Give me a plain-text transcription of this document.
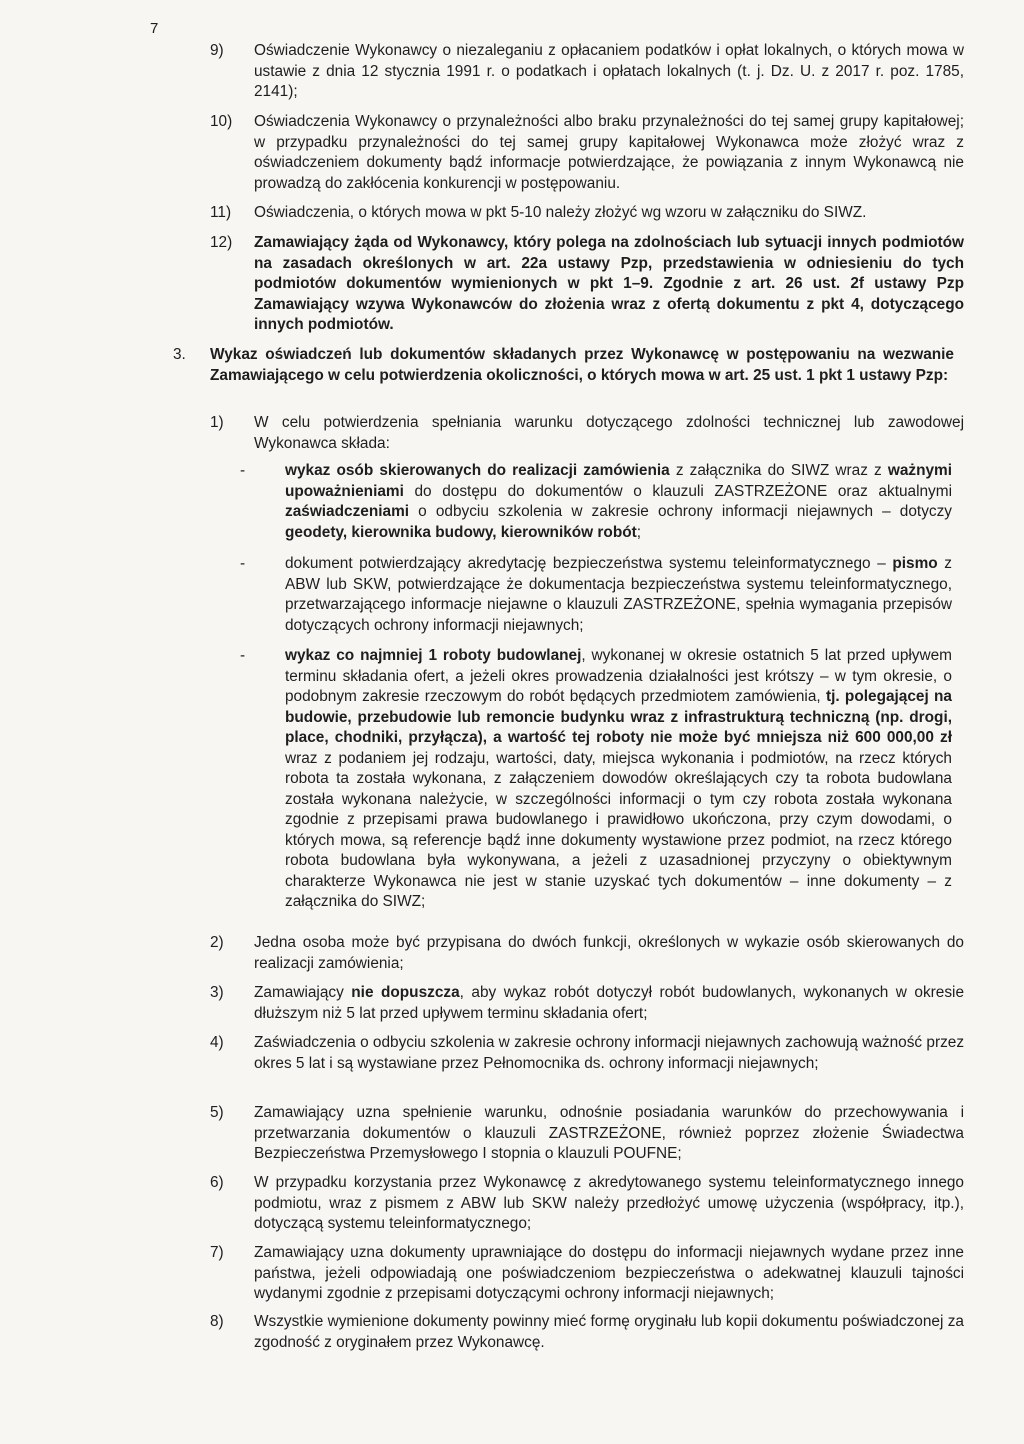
7
9) Oświadczenie Wykonawcy o niezaleganiu z opłacaniem podatków i opłat lokalnych, o których mowa w ustawie z dnia 12 stycznia 1991 r. o podatkach i opłatach lokalnych (t. j. Dz. U. z 2017 r. poz. 1785, 2141);
10) Oświadczenia Wykonawcy o przynależności albo braku przynależności do tej samej grupy kapitałowej; w przypadku przynależności do tej samej grupy kapitałowej Wykonawca może złożyć wraz z oświadczeniem dokumenty bądź informacje potwierdzające, że powiązania z innym Wykonawcą nie prowadzą do zakłócenia konkurencji w postępowaniu.
11) Oświadczenia, o których mowa w pkt 5-10 należy złożyć wg wzoru w załączniku do SIWZ.
12) Zamawiający żąda od Wykonawcy, który polega na zdolnościach lub sytuacji innych podmiotów na zasadach określonych w art. 22a ustawy Pzp, przedstawienia w odniesieniu do tych podmiotów dokumentów wymienionych w pkt 1–9. Zgodnie z art. 26 ust. 2f ustawy Pzp Zamawiający wzywa Wykonawców do złożenia wraz z ofertą dokumentu z pkt 4, dotyczącego innych podmiotów.
3. Wykaz oświadczeń lub dokumentów składanych przez Wykonawcę w postępowaniu na wezwanie Zamawiającego w celu potwierdzenia okoliczności, o których mowa w art. 25 ust. 1 pkt 1 ustawy Pzp:
1) W celu potwierdzenia spełniania warunku dotyczącego zdolności technicznej lub zawodowej Wykonawca składa:
-	wykaz osób skierowanych do realizacji zamówienia z załącznika do SIWZ wraz z ważnymi upoważnieniami do dostępu do dokumentów o klauzuli ZASTRZEŻONE oraz aktualnymi zaświadczeniami o odbyciu szkolenia w zakresie ochrony informacji niejawnych – dotyczy geodety, kierownika budowy, kierowników robót;
-	dokument potwierdzający akredytację bezpieczeństwa systemu teleinformatycznego – pismo z ABW lub SKW, potwierdzające że dokumentacja bezpieczeństwa systemu teleinformatycznego, przetwarzającego informacje niejawne o klauzuli ZASTRZEŻONE, spełnia wymagania przepisów dotyczących ochrony informacji niejawnych;
-	wykaz co najmniej 1 roboty budowlanej, wykonanej w okresie ostatnich 5 lat przed upływem terminu składania ofert, a jeżeli okres prowadzenia działalności jest krótszy – w tym okresie, o podobnym zakresie rzeczowym do robót będących przedmiotem zamówienia, tj. polegającej na budowie, przebudowie lub remoncie budynku wraz z infrastrukturą techniczną (np. drogi, place, chodniki, przyłącza), a wartość tej roboty nie może być mniejsza niż 600 000,00 zł wraz z podaniem jej rodzaju, wartości, daty, miejsca wykonania i podmiotów, na rzecz których robota ta została wykonana, z załączeniem dowodów określających czy ta robota budowlana została wykonana należycie, w szczególności informacji o tym czy robota została wykonana zgodnie z przepisami prawa budowlanego i prawidłowo ukończona, przy czym dowodami, o których mowa, są referencje bądź inne dokumenty wystawione przez podmiot, na rzecz którego robota budowlana była wykonywana, a jeżeli z uzasadnionej przyczyny o obiektywnym charakterze Wykonawca nie jest w stanie uzyskać tych dokumentów – inne dokumenty – z załącznika do SIWZ;
2) Jedna osoba może być przypisana do dwóch funkcji, określonych w wykazie osób skierowanych do realizacji zamówienia;
3) Zamawiający nie dopuszcza, aby wykaz robót dotyczył robót budowlanych, wykonanych w okresie dłuższym niż 5 lat przed upływem terminu składania ofert;
4) Zaświadczenia o odbyciu szkolenia w zakresie ochrony informacji niejawnych zachowują ważność przez okres 5 lat i są wystawiane przez Pełnomocnika ds. ochrony informacji niejawnych;
5) Zamawiający uzna spełnienie warunku, odnośnie posiadania warunków do przechowywania i przetwarzania dokumentów o klauzuli ZASTRZEŻONE, również poprzez złożenie Świadectwa Bezpieczeństwa Przemysłowego I stopnia o klauzuli POUFNE;
6) W przypadku korzystania przez Wykonawcę z akredytowanego systemu teleinformatycznego innego podmiotu, wraz z pismem z ABW lub SKW należy przedłożyć umowę użyczenia (współpracy, itp.), dotyczącą systemu teleinformatycznego;
7) Zamawiający uzna dokumenty uprawniające do dostępu do informacji niejawnych wydane przez inne państwa, jeżeli odpowiadają one poświadczeniom bezpieczeństwa o adekwatnej klauzuli tajności wydanymi zgodnie z przepisami dotyczącymi ochrony informacji niejawnych;
8) Wszystkie wymienione dokumenty powinny mieć formę oryginału lub kopii dokumentu poświadczonej za zgodność z oryginałem przez Wykonawcę.
